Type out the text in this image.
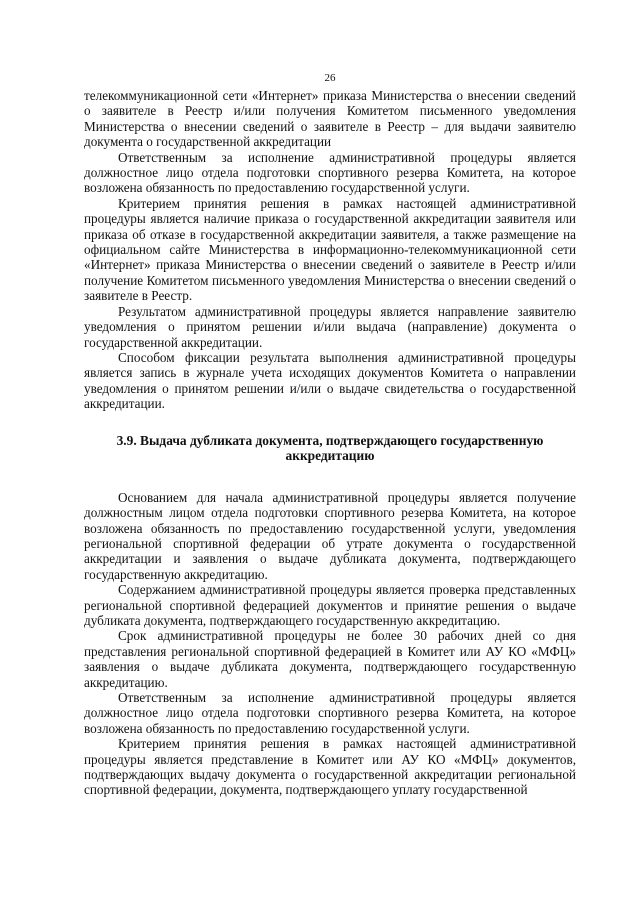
26

телекоммуникационной сети «Интернет» приказа Министерства о внесении сведений о заявителе в Реестр и/или получения Комитетом письменного уведомления Министерства о внесении сведений о заявителе в Реестр – для выдачи заявителю документа о государственной аккредитации

Ответственным за исполнение административной процедуры является должностное лицо отдела подготовки спортивного резерва Комитета, на которое возложена обязанность по предоставлению государственной услуги.

Критерием принятия решения в рамках настоящей административной процедуры является наличие приказа о государственной аккредитации заявителя или приказа об отказе в государственной аккредитации заявителя, а также размещение на официальном сайте Министерства в информационно-телекоммуникационной сети «Интернет» приказа Министерства о внесении сведений о заявителе в Реестр и/или получение Комитетом письменного уведомления Министерства о внесении сведений о заявителе в Реестр.

Результатом административной процедуры является направление заявителю уведомления о принятом решении и/или выдача (направление) документа о государственной аккредитации.

Способом фиксации результата выполнения административной процедуры является запись в журнале учета исходящих документов Комитета о направлении уведомления о принятом решении и/или о выдаче свидетельства о государственной аккредитации.

3.9. Выдача дубликата документа, подтверждающего государственную
аккредитацию

Основанием для начала административной процедуры является получение должностным лицом отдела подготовки спортивного резерва Комитета, на которое возложена обязанность по предоставлению государственной услуги, уведомления региональной спортивной федерации об утрате документа о государственной аккредитации и заявления о выдаче дубликата документа, подтверждающего государственную аккредитацию.

Содержанием административной процедуры является проверка представленных региональной спортивной федерацией документов и принятие решения о выдаче дубликата документа, подтверждающего государственную аккредитацию.

Срок административной процедуры не более 30 рабочих дней со дня представления региональной спортивной федерацией в Комитет или АУ КО «МФЦ» заявления о выдаче дубликата документа, подтверждающего государственную аккредитацию.

Ответственным за исполнение административной процедуры является должностное лицо отдела подготовки спортивного резерва Комитета, на которое возложена обязанность по предоставлению государственной услуги.

Критерием принятия решения в рамках настоящей административной процедуры является представление в Комитет или АУ КО «МФЦ» документов, подтверждающих выдачу документа о государственной аккредитации региональной спортивной федерации, документа, подтверждающего уплату государственной
